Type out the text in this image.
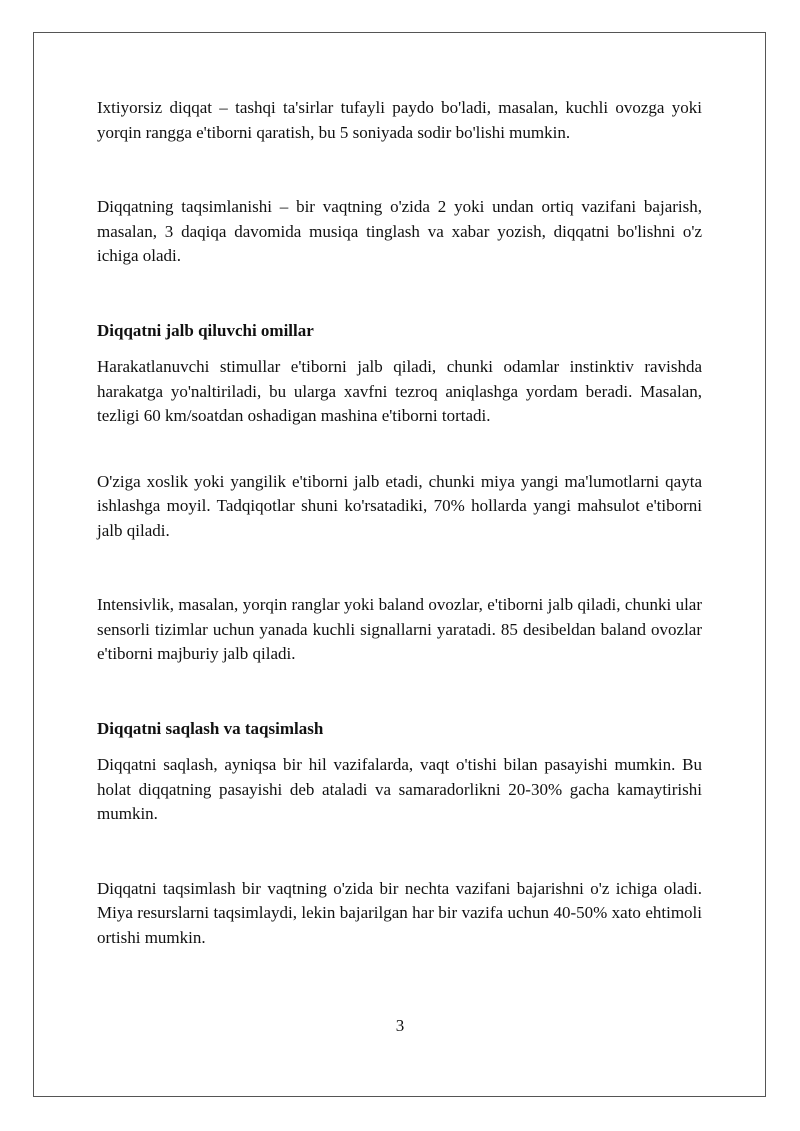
Ixtiyorsiz diqqat – tashqi ta'sirlar tufayli paydo bo'ladi, masalan, kuchli ovozga yoki yorqin rangga e'tiborni qaratish, bu 5 soniyada sodir bo'lishi mumkin.

Diqqatning taqsimlanishi – bir vaqtning o'zida 2 yoki undan ortiq vazifani bajarish, masalan, 3 daqiqa davomida musiqa tinglash va xabar yozish, diqqatni bo'lishni o'z ichiga oladi.

Diqqatni jalb qiluvchi omillar

Harakatlanuvchi stimullar e'tiborni jalb qiladi, chunki odamlar instinktiv ravishda harakatga yo'naltiriladi, bu ularga xavfni tezroq aniqlashga yordam beradi. Masalan, tezligi 60 km/soatdan oshadigan mashina e'tiborni tortadi.

O'ziga xoslik yoki yangilik e'tiborni jalb etadi, chunki miya yangi ma'lumotlarni qayta ishlashga moyil. Tadqiqotlar shuni ko'rsatadiki, 70% hollarda yangi mahsulot e'tiborni jalb qiladi.

Intensivlik, masalan, yorqin ranglar yoki baland ovozlar, e'tiborni jalb qiladi, chunki ular sensorli tizimlar uchun yanada kuchli signallarni yaratadi. 85 desibeldan baland ovozlar e'tiborni majburiy jalb qiladi.

Diqqatni saqlash va taqsimlash

Diqqatni saqlash, ayniqsa bir hil vazifalarda, vaqt o'tishi bilan pasayishi mumkin. Bu holat diqqatning pasayishi deb ataladi va samaradorlikni 20-30% gacha kamaytirishi mumkin.

Diqqatni taqsimlash bir vaqtning o'zida bir nechta vazifani bajarishni o'z ichiga oladi. Miya resurslarni taqsimlaydi, lekin bajarilgan har bir vazifa uchun 40-50% xato ehtimoli ortishi mumkin.

3
